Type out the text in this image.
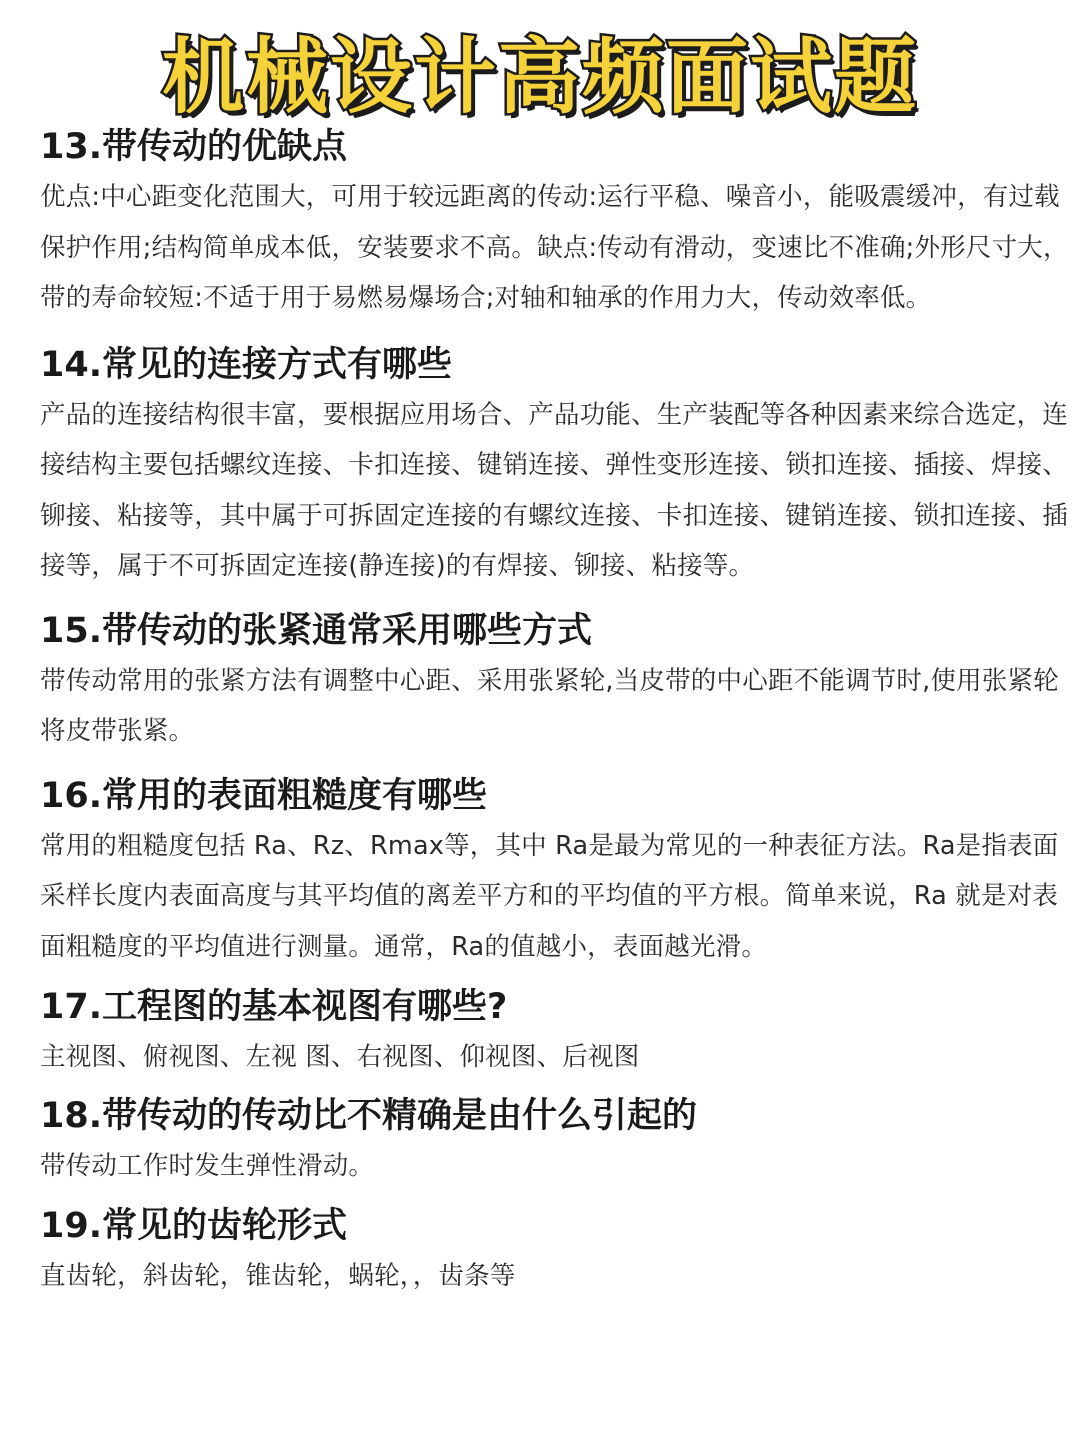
机械设计高频面试题

13.带传动的优缺点

优点:中心距变化范围大，可用于较远距离的传动:运行平稳、噪音小，能吸震缓冲，有过载保护作用;结构简单成本低，安装要求不高。缺点:传动有滑动，变速比不准确;外形尺寸大，带的寿命较短:不适于用于易燃易爆场合;对轴和轴承的作用力大，传动效率低。

14.常见的连接方式有哪些

产品的连接结构很丰富，要根据应用场合、产品功能、生产装配等各种因素来综合选定，连接结构主要包括螺纹连接、卡扣连接、键销连接、弹性变形连接、锁扣连接、插接、焊接、铆接、粘接等，其中属于可拆固定连接的有螺纹连接、卡扣连接、键销连接、锁扣连接、插接等，属于不可拆固定连接(静连接)的有焊接、铆接、粘接等。

15.带传动的张紧通常采用哪些方式

带传动常用的张紧方法有调整中心距、采用张紧轮,当皮带的中心距不能调节时,使用张紧轮将皮带张紧。

16.常用的表面粗糙度有哪些

常用的粗糙度包括 Ra、Rz、Rmax等，其中 Ra是最为常见的一种表征方法。Ra是指表面采样长度内表面高度与其平均值的离差平方和的平均值的平方根。简单来说，Ra 就是对表面粗糙度的平均值进行测量。通常，Ra的值越小，表面越光滑。

17.工程图的基本视图有哪些?

主视图、俯视图、左视 图、右视图、仰视图、后视图

18.带传动的传动比不精确是由什么引起的

带传动工作时发生弹性滑动。

19.常见的齿轮形式

直齿轮，斜齿轮，锥齿轮，蜗轮，，齿条等
